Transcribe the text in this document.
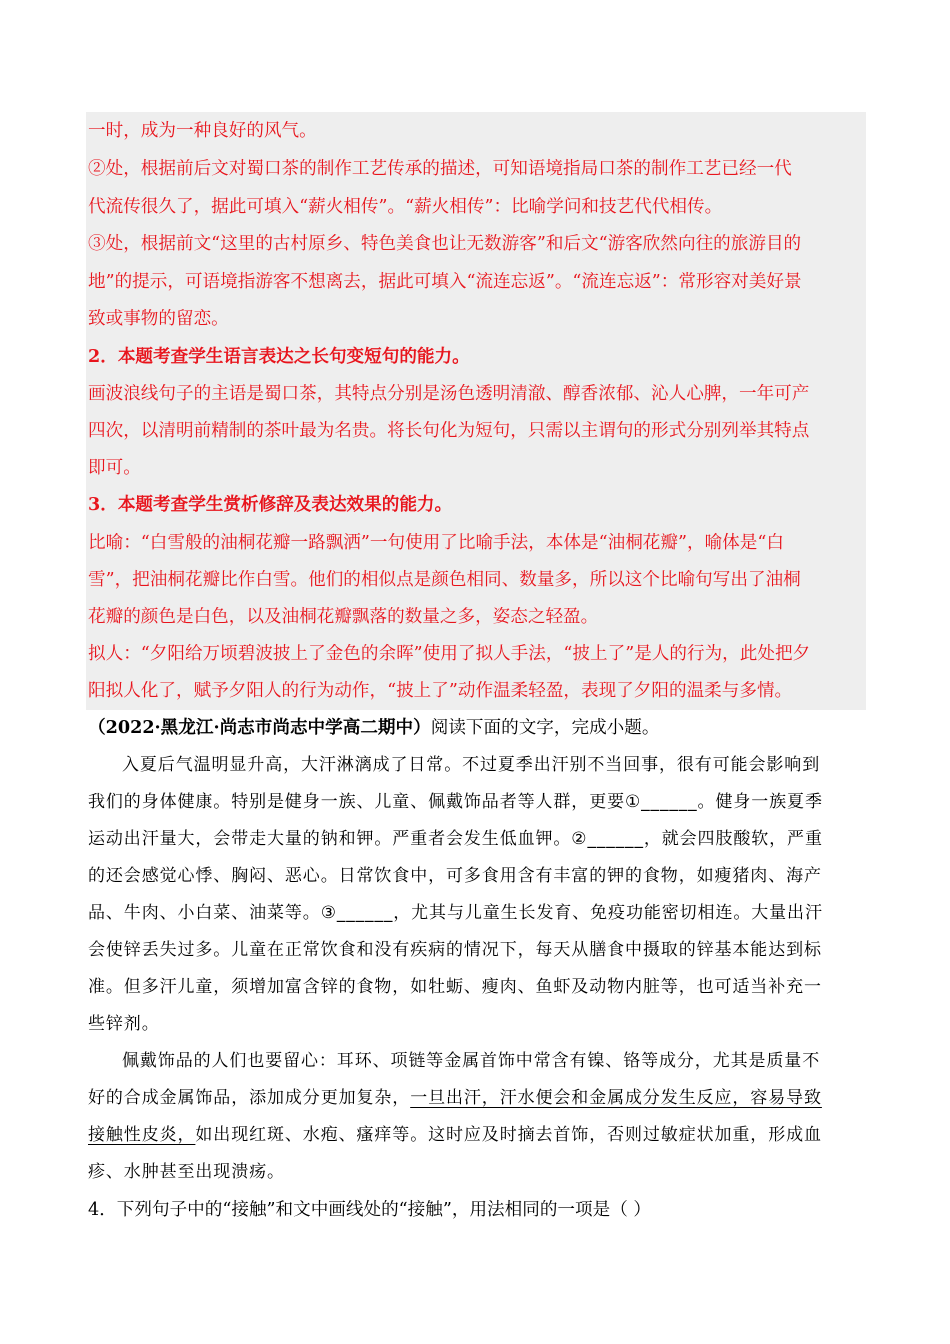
一时，成为一种良好的风气。
②处，根据前后文对蜀口茶的制作工艺传承的描述，可知语境指局口茶的制作工艺已经一代
代流传很久了，据此可填入“薪火相传”。“薪火相传”：比喻学问和技艺代代相传。
③处，根据前文“这里的古村原乡、特色美食也让无数游客”和后文“游客欣然向往的旅游目的
地”的提示，可语境指游客不想离去，据此可填入“流连忘返”。“流连忘返”：常形容对美好景
致或事物的留恋。
2．本题考查学生语言表达之长句变短句的能力。
画波浪线句子的主语是蜀口茶，其特点分别是汤色透明清澈、醇香浓郁、沁人心脾，一年可产
四次，以清明前精制的茶叶最为名贵。将长句化为短句，只需以主谓句的形式分别列举其特点
即可。
3．本题考查学生赏析修辞及表达效果的能力。
比喻：“白雪般的油桐花瓣一路飘洒”一句使用了比喻手法，本体是“油桐花瓣”，喻体是“白
雪”，把油桐花瓣比作白雪。他们的相似点是颜色相同、数量多，所以这个比喻句写出了油桐
花瓣的颜色是白色，以及油桐花瓣飘落的数量之多，姿态之轻盈。
拟人：“夕阳给万顷碧波披上了金色的余晖”使用了拟人手法，“披上了”是人的行为，此处把夕
阳拟人化了，赋予夕阳人的行为动作，“披上了”动作温柔轻盈，表现了夕阳的温柔与多情。
（2022·黑龙江·尚志市尚志中学高二期中）阅读下面的文字，完成小题。
入夏后气温明显升高，大汗淋漓成了日常。不过夏季出汗别不当回事，很有可能会影响到
我们的身体健康。特别是健身一族、儿童、佩戴饰品者等人群，更要①______。健身一族夏季
运动出汗量大，会带走大量的钠和钾。严重者会发生低血钾。②______，就会四肢酸软，严重
的还会感觉心悸、胸闷、恶心。日常饮食中，可多食用含有丰富的钾的食物，如瘦猪肉、海产
品、牛肉、小白菜、油菜等。③______，尤其与儿童生长发育、免疫功能密切相连。大量出汗
会使锌丢失过多。儿童在正常饮食和没有疾病的情况下，每天从膳食中摄取的锌基本能达到标
准。但多汗儿童，须增加富含锌的食物，如牡蛎、瘦肉、鱼虾及动物内脏等，也可适当补充一
些锌剂。
佩戴饰品的人们也要留心：耳环、项链等金属首饰中常含有镍、铬等成分，尤其是质量不
好的合成金属饰品，添加成分更加复杂，一旦出汗，汗水便会和金属成分发生反应，容易导致
接触性皮炎，如出现红斑、水疱、瘙痒等。这时应及时摘去首饰，否则过敏症状加重，形成血
疹、水肿甚至出现溃疡。
4．下列句子中的“接触”和文中画线处的“接触”，用法相同的一项是（ ）
